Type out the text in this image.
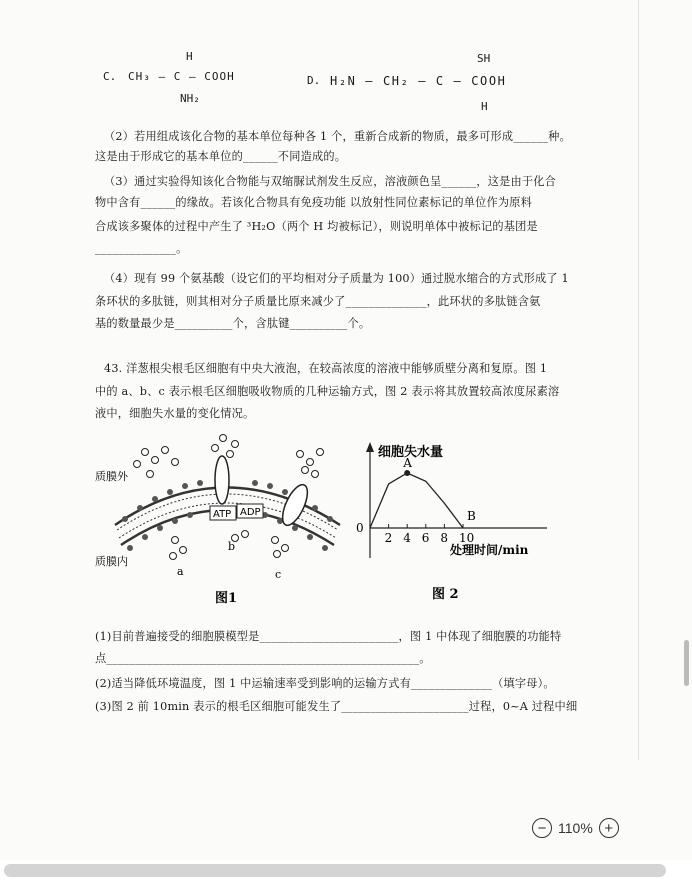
C.
H
CH₃ — C — COOH
NH₂
D.
SH
H₂N — CH₂ — C — COOH
H
（2）若用组成该化合物的基本单位每种各 1 个，重新合成新的物质，最多可形成______种。
这是由于形成它的基本单位的______不同造成的。
（3）通过实验得知该化合物能与双缩脲试剂发生反应，溶液颜色呈______，这是由于化合
物中含有______的缘故。若该化合物具有免疫功能 以放射性同位素标记的单位作为原料
合成该多聚体的过程中产生了 ³H₂O（两个 H 均被标记），则说明单体中被标记的基团是
______________。
（4）现有 99 个氨基酸（设它们的平均相对分子质量为 100）通过脱水缩合的方式形成了 1
条环状的多肽链，则其相对分子质量比原来减少了______________，此环状的多肽链含氨
基的数量最少是__________个，含肽键__________个。
43. 洋葱根尖根毛区细胞有中央大液泡，在较高浓度的溶液中能够质壁分离和复原。图 1
中的 a、b、c 表示根毛区细胞吸收物质的几种运输方式，图 2 表示将其放置较高浓度尿素溶
液中，细胞失水量的变化情况。
ATP ADP
质膜外
质膜内
a
b
c
图1
细胞失水量
0
处理时间/min
2 4 6 8 10
A
B
图 2
(1)目前普遍接受的细胞膜模型是________________________，图 1 中体现了细胞膜的功能特
点______________________________________________________。
(2)适当降低环境温度，图 1 中运输速率受到影响的运输方式有______________（填字母）。
(3)图 2 前 10min 表示的根毛区细胞可能发生了______________________过程，0~A 过程中细
− 110% +
